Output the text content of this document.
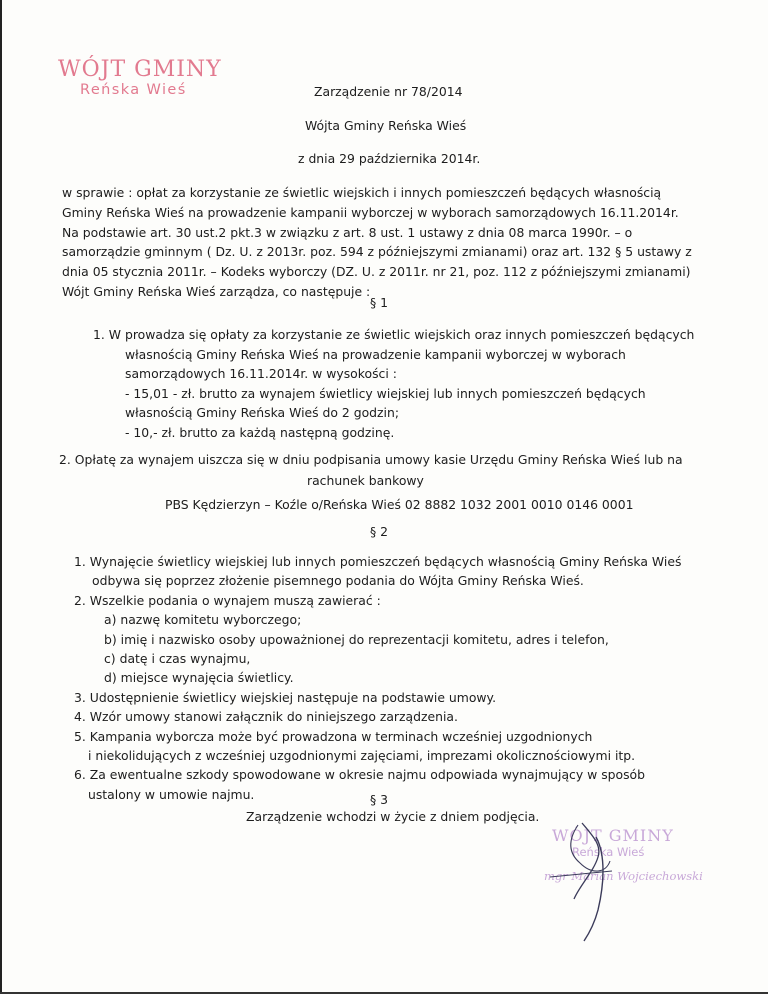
WÓJT GMINY
Reńska Wieś	Zarządzenie nr 78/2014
Wójta Gminy Reńska Wieś
z dnia 29 października 2014r.
w sprawie : opłat za korzystanie ze świetlic wiejskich i innych pomieszczeń będących własnością
Gminy Reńska Wieś na prowadzenie kampanii wyborczej w wyborach samorządowych 16.11.2014r.
Na podstawie art. 30 ust.2 pkt.3 w związku z art. 8 ust. 1 ustawy z dnia 08 marca 1990r. – o
samorządzie gminnym ( Dz. U. z 2013r. poz. 594 z późniejszymi zmianami) oraz art. 132 § 5 ustawy z
dnia 05 stycznia 2011r. – Kodeks wyborczy (DZ. U. z 2011r. nr 21, poz. 112 z późniejszymi zmianami)
Wójt Gminy Reńska Wieś zarządza, co następuje :
§ 1
1. W prowadza się opłaty za korzystanie ze świetlic wiejskich oraz innych pomieszczeń będących
własnością Gminy Reńska Wieś na prowadzenie kampanii wyborczej w wyborach
samorządowych 16.11.2014r. w wysokości :
- 15,01 - zł. brutto za wynajem świetlicy wiejskiej lub innych pomieszczeń będących
własnością Gminy Reńska Wieś do 2 godzin;
- 10,- zł. brutto za każdą następną godzinę.
2. Opłatę za wynajem uiszcza się w dniu podpisania umowy kasie Urzędu Gminy Reńska Wieś lub na
rachunek bankowy
PBS Kędzierzyn – Koźle o/Reńska Wieś 02 8882 1032 2001 0010 0146 0001
§ 2
1. Wynajęcie świetlicy wiejskiej lub innych pomieszczeń będących własnością Gminy Reńska Wieś
odbywa się poprzez złożenie pisemnego podania do Wójta Gminy Reńska Wieś.
2. Wszelkie podania o wynajem muszą zawierać :
a) nazwę komitetu wyborczego;
b) imię i nazwisko osoby upoważnionej do reprezentacji komitetu, adres i telefon,
c) datę i czas wynajmu,
d) miejsce wynajęcia świetlicy.
3. Udostępnienie świetlicy wiejskiej następuje na podstawie umowy.
4. Wzór umowy stanowi załącznik do niniejszego zarządzenia.
5. Kampania wyborcza może być prowadzona w terminach wcześniej uzgodnionych
i niekolidujących z wcześniej uzgodnionymi zajęciami, imprezami okolicznościowymi itp.
6. Za ewentualne szkody spowodowane w okresie najmu odpowiada wynajmujący w sposób
ustalony w umowie najmu.	§ 3
Zarządzenie wchodzi w życie z dniem podjęcia.
WÓJT GMINY
Reńska Wieś
mgr Marian Wojciechowski
